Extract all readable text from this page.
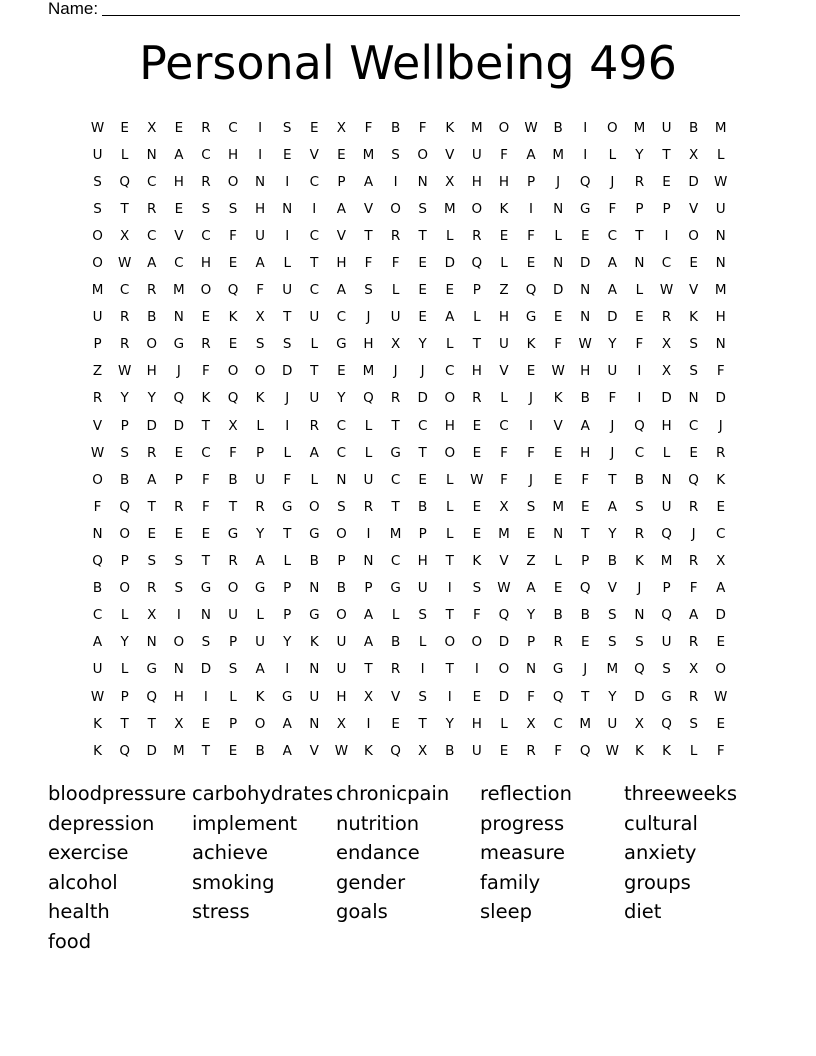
Name:
Personal Wellbeing 496
W	E	X	E	R	C	I	S	E	X	F	B	F	K	M	O	W	B	I	O	M	U	B	M
U	L	N	A	C	H	I	E	V	E	M	S	O	V	U	F	A	M	I	L	Y	T	X	L
S	Q	C	H	R	O	N	I	C	P	A	I	N	X	H	H	P	J	Q	J	R	E	D	W
S	T	R	E	S	S	H	N	I	A	V	O	S	M	O	K	I	N	G	F	P	P	V	U
O	X	C	V	C	F	U	I	C	V	T	R	T	L	R	E	F	L	E	C	T	I	O	N
O	W	A	C	H	E	A	L	T	H	F	F	E	D	Q	L	E	N	D	A	N	C	E	N
M	C	R	M	O	Q	F	U	C	A	S	L	E	E	P	Z	Q	D	N	A	L	W	V	M
U	R	B	N	E	K	X	T	U	C	J	U	E	A	L	H	G	E	N	D	E	R	K	H
P	R	O	G	R	E	S	S	L	G	H	X	Y	L	T	U	K	F	W	Y	F	X	S	N
Z	W	H	J	F	O	O	D	T	E	M	J	J	C	H	V	E	W	H	U	I	X	S	F
R	Y	Y	Q	K	Q	K	J	U	Y	Q	R	D	O	R	L	J	K	B	F	I	D	N	D
V	P	D	D	T	X	L	I	R	C	L	T	C	H	E	C	I	V	A	J	Q	H	C	J
W	S	R	E	C	F	P	L	A	C	L	G	T	O	E	F	F	E	H	J	C	L	E	R
O	B	A	P	F	B	U	F	L	N	U	C	E	L	W	F	J	E	F	T	B	N	Q	K
F	Q	T	R	F	T	R	G	O	S	R	T	B	L	E	X	S	M	E	A	S	U	R	E
N	O	E	E	E	G	Y	T	G	O	I	M	P	L	E	M	E	N	T	Y	R	Q	J	C
Q	P	S	S	T	R	A	L	B	P	N	C	H	T	K	V	Z	L	P	B	K	M	R	X
B	O	R	S	G	O	G	P	N	B	P	G	U	I	S	W	A	E	Q	V	J	P	F	A
C	L	X	I	N	U	L	P	G	O	A	L	S	T	F	Q	Y	B	B	S	N	Q	A	D
A	Y	N	O	S	P	U	Y	K	U	A	B	L	O	O	D	P	R	E	S	S	U	R	E
U	L	G	N	D	S	A	I	N	U	T	R	I	T	I	O	N	G	J	M	Q	S	X	O
W	P	Q	H	I	L	K	G	U	H	X	V	S	I	E	D	F	Q	T	Y	D	G	R	W
K	T	T	X	E	P	O	A	N	X	I	E	T	Y	H	L	X	C	M	U	X	Q	S	E
K	Q	D	M	T	E	B	A	V	W	K	Q	X	B	U	E	R	F	Q	W	K	K	L	F
bloodpressure carbohydrates chronicpain	reflection	threeweeks
depression	implement	nutrition	progress	cultural
exercise	achieve	endance	measure	anxiety
alcohol	smoking	gender	family	groups
health	stress	goals	sleep	diet
food
